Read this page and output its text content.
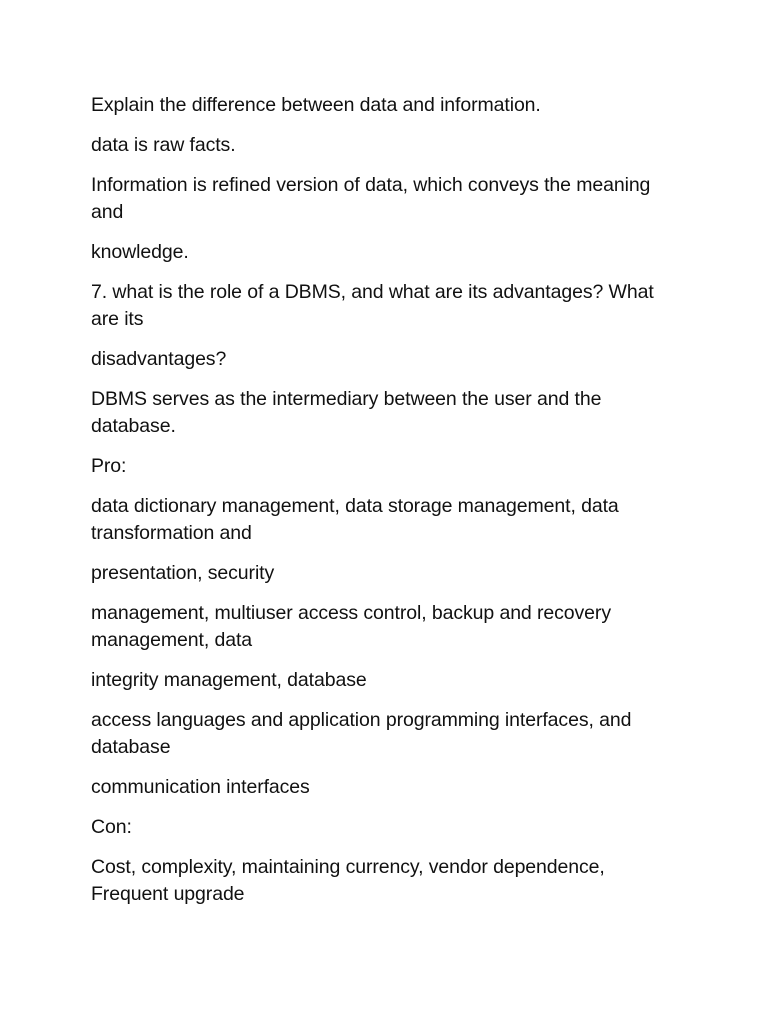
Explain the difference between data and information.

data is raw facts.

Information is refined version of data, which conveys the meaning
and

knowledge.

7. what is the role of a DBMS, and what are its advantages? What
are its

disadvantages?

DBMS serves as the intermediary between the user and the
database.

Pro:

data dictionary management, data storage management, data
transformation and

presentation, security

management, multiuser access control, backup and recovery
management, data

integrity management, database

access languages and application programming interfaces, and
database

communication interfaces

Con:

Cost, complexity, maintaining currency, vendor dependence,
Frequent upgrade
